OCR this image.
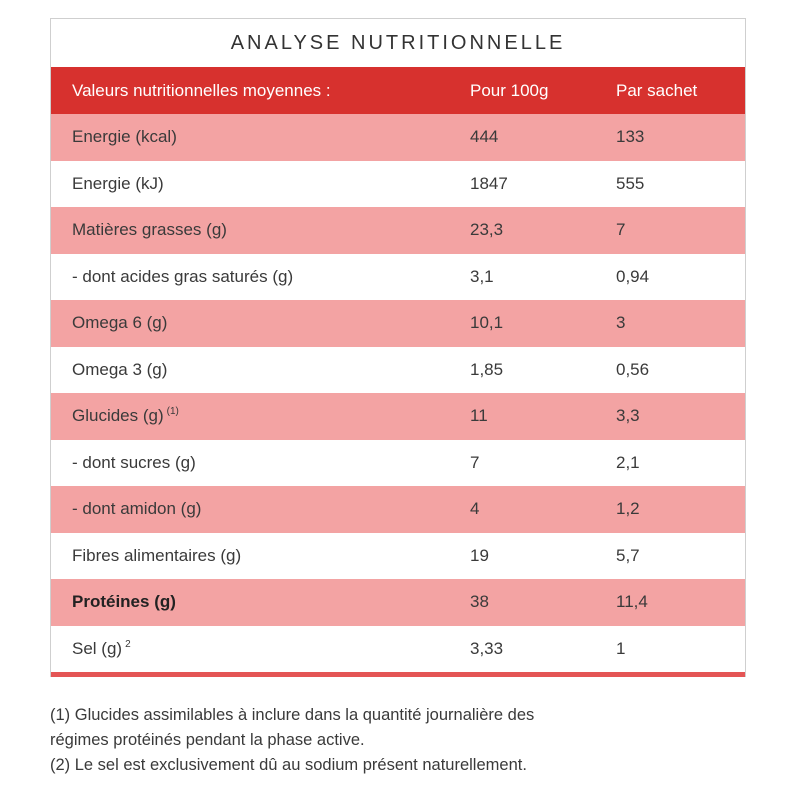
ANALYSE NUTRITIONNELLE
Valeurs nutritionnelles moyennes :	Pour 100g	Par sachet
Energie (kcal)	444	133
Energie (kJ)	1847	555
Matières grasses (g)	23,3	7
- dont acides gras saturés (g)	3,1	0,94
Omega 6 (g)	10,1	3
Omega 3 (g)	1,85	0,56
Glucides (g) $^{(1)}$	11	3,3
- dont sucres (g)	7	2,1
- dont amidon (g)	4	1,2
Fibres alimentaires (g)	19	5,7
Protéines (g)	38	11,4
Sel (g) $^2$	3,33	1
(1) Glucides assimilables à inclure dans la quantité journalière des
régimes protéinés pendant la phase active.
(2) Le sel est exclusivement dû au sodium présent naturellement.
